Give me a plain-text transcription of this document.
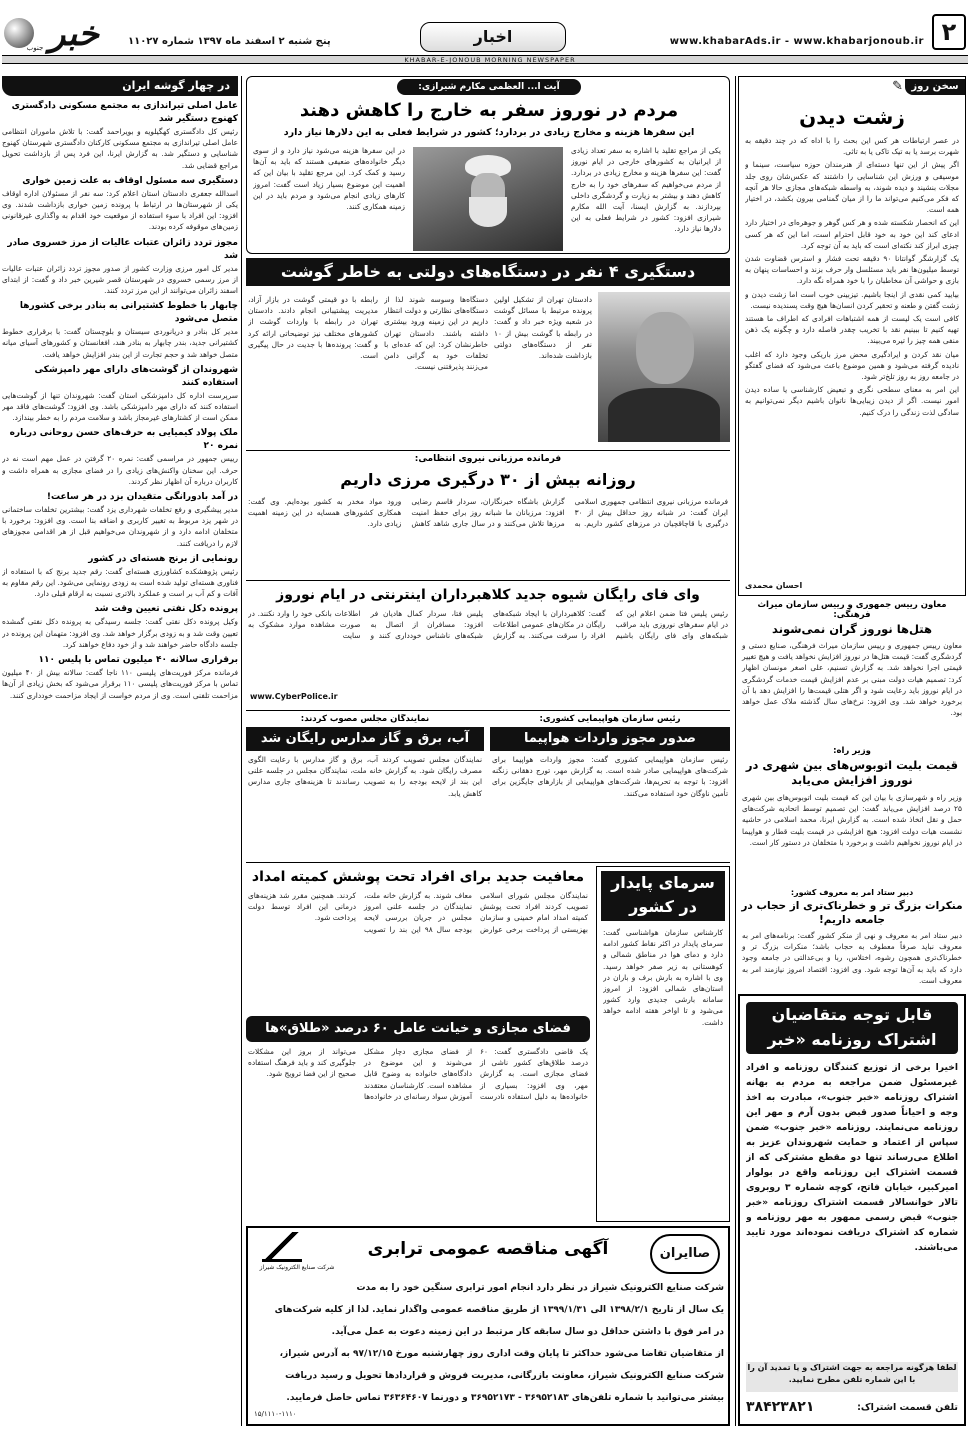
۲
www.khabarAds.ir - www.khabarjonoub.ir
اخبار
پنج شنبه ۲ اسفند ماه ۱۳۹۷ شماره ۱۱۰۲۷
خبر
جنوب
KHABAR-E-JONOUB MORNING NEWSPAPER
سخن روز
✎
زشت دیدن

در عصر ارتباطات هر کس این بحث را با اداه که در چند دقیقه به شهرت برسد یا به تیک تاکی یا به تاثی.

اگر پیش از این تنها دسته‌ای از هنرمندان حوزه سیاست، سینما و موسیقی و ورزش این شناسایی را داشتند که عکس‌شان روی جلد مجلات بنشیند و دیده شوند، به واسطه شبکه‌های مجازی حالا هر آنچه که فکر می‌کنیم می‌تواند ما را از میان گمنامی بیرون بکشد، در اختیار همه است.

این که انحصار شکسته شده و هر کس گوهر و جوهره‌ای در اختیار دارد ادعای کند این خود به خود قابل احترام است، اما این که هر کسی چیزی ابراز کند نکته‌ای است که باید به آن توجه کرد.

یک گزارشگر گوانتانا ۹۰ دقیقه تحت فشار و استرس قضاوت شدن توسط میلیون‌ها نفر باید مسئلسل وار حرف بزند و احساسات پنهان به بازی و حواشی آن مخاطبان را با خود همراه نگه دارد.

بیایید کمی نقدی از اینجا باشیم. تیزبینی خوب است اما زشت دیدن و زشت گفتن و طعنه و تحقیر کردن انسان‌ها هیچ وقت پسندیده نیست.

کافی است یک لیست از همه اشتباهات افرادی که اطراف ما هستند تهیه کنیم تا ببینیم نقد با تخریب چقدر فاصله دارد و چگونه یک ذهن منفی همه چیز را تیره می‌بیند.

میان نقد کردن و ایرادگیری محض مرز باریکی وجود دارد که اغلب نادیده گرفته می‌شود و همین موضوع باعث می‌شود که فضای گفتگو در جامعه روز به روز تلخ‌تر شود.

این امر به معنای سطحی نگری و تبعیض کارشناسی یا ساده دیدن امور نیست. اگر از دیدن زیبایی‌ها ناتوان باشیم دیگر نمی‌توانیم به سادگی لذت زندگی را درک کنیم.

احسان محمدی
معاون رییس جمهوری و رییس سازمان میراث فرهنگی:
هتل‌ها نوروز گران نمی‌شوند
معاون رییس جمهوری و رییس سازمان میراث فرهنگی، صنایع دستی و گردشگری گفت: قیمت هتل‌ها در نوروز افزایش نخواهد یافت و هیچ تغییر قیمتی اجرا نخواهد شد. به گزارش تسنیم، علی اصغر مونسان اظهار کرد: تصمیم هیات دولت مبنی بر عدم افزایش قیمت خدمات گردشگری در ایام نوروز باید رعایت شود و اگر هتلی قیمت‌ها را افزایش دهد با آن برخورد خواهد شد. وی افزود: نرخ‌های سال گذشته ملاک عمل خواهد بود.
وزیر راه:
قیمت بلیت اتوبوس‌های بین شهری در نوروز افزایش می‌یابد
وزیر راه و شهرسازی با بیان این که قیمت بلیت اتوبوس‌های بین شهری ۲۵ درصد افزایش می‌یابد گفت: این تصمیم توسط اتحادیه شرکت‌های حمل و نقل اتخاذ شده است. به گزارش ایرنا، محمد اسلامی در حاشیه نشست هیات دولت افزود: هیچ افزایشی در قیمت بلیت قطار و هواپیما در ایام نوروز نخواهیم داشت و برخورد با متخلفان در دستور کار است.
دبیر ستاد امر به معروف کشور:
منکرات بزرگ تر و خطرناک‌تری از حجاب در جامعه داریم!
دبیر ستاد امر به معروف و نهی از منکر کشور گفت: برنامه‌های امر به معروف نباید صرفاً معطوف به حجاب باشد؛ منکرات بزرگ تر و خطرناک‌تری همچون رشوه، اختلاس، ربا و بی‌عدالتی در جامعه وجود دارد که باید به آن‌ها توجه شود. وی افزود: اقتصاد امروز نیازمند امر به معروف است.
قابل توجه متقاضیان اشتراک روزنامه «خبر
اخیرا برخی از توزیع کنندگان روزنامه و افراد غیرمسئول ضمن مراجعه به مردم به بهانه اشتراک روزنامه «خبر جنوب»، مبادرت به اخذ وجه و احیاناً صدور قبض بدون آرم و مهر این روزنامه می‌نمایند. روزنامه «خبر جنوب» ضمن سپاس از اعتماد و حمایت شهروندان عزیز به اطلاع می‌رساند تنها دو مقطع مشترکی که از قسمت اشتراک این روزنامه واقع در بولوار امیرکبیر، خیابان فاتح، کوچه شماره ۳ روبروی تالار خوانسالار قسمت اشتراک روزنامه «خبر جنوب» قبض رسمی ممهور به مهر روزنامه و شماره کد اشتراک دریافت نموده‌اند مورد تایید می‌باشند.
لطفا هرگونه مراجعه به جهت اشتراک و یا تمدید آن را با این شماره تلفن مطرح نمایید.
تلفن قسمت اشتراک:
۳۸۴۲۳۸۲۱
آیت ا... العظمی مکارم شیرازی:
مردم در نوروز سفر به خارج را کاهش دهند
این سفرها هزینه و مخارج زیادی در بردارد؛ کشور در شرایط فعلی به این دلارها نیاز دارد
یکی از مراجع تقلید با اشاره به سفر تعداد زیادی از ایرانیان به کشورهای خارجی در ایام نوروز گفت: این سفرها هزینه و مخارج زیادی در بردارد. از مردم می‌خواهیم که سفرهای خود را به خارج کاهش دهند و بیشتر به زیارت و گردشگری داخلی بپردازند. به گزارش ایسنا، آیت الله مکارم شیرازی افزود: کشور در شرایط فعلی به این دلارها نیاز دارد.
در این سفرها هزینه می‌شود نیاز دارد و از سوی دیگر خانواده‌های ضعیفی هستند که باید به آن‌ها رسید و کمک کرد. این مرجع تقلید با بیان این که اهمیت این موضوع بسیار زیاد است گفت: امروز کارهای زیادی انجام می‌شود و مردم باید در این زمینه همکاری کنند.
دستگیری ۴ نفر در دستگاه‌های دولتی به خاطر گوشت
دادستان تهران از تشکیل اولین پرونده مرتبط با مسائل گوشت در شعبه ویژه خبر داد و گفت: در رابطه با گوشت بیش از ۱۰ نفر از دستگاه‌های دولتی بازداشت شده‌اند.
دستگاه‌ها وسوسه شوند لذا از دستگاه‌های نظارتی و دولت انتظار داریم در این زمینه ورود بیشتری داشته باشند. دادستان تهران خاطرنشان کرد: این که عده‌ای با تخلفات خود به گرانی دامن می‌زنند پذیرفتنی نیست.
رابطه با دو قیمتی گوشت در بازار آزاد، مدیریت پیشتیبانی انجام دادند. دادستان تهران در رابطه با واردات گوشت از کشورهای مختلف نیز توضیحاتی ارائه کرد و گفت: پرونده‌ها با جدیت در حال پیگیری است.
فرمانده مرزبانی نیروی انتظامی:
روزانه بیش از ۳۰ درگیری مرزی داریم
فرمانده مرزبانی نیروی انتظامی جمهوری اسلامی ایران گفت: در شبانه روز حداقل بیش از ۳۰ درگیری با قاچاقچیان در مرزهای کشور داریم. به گزارش باشگاه خبرنگاران، سردار قاسم رضایی افزود: مرزبانان ما شبانه روز برای حفظ امنیت مرزها تلاش می‌کنند و در سال جاری شاهد کاهش ورود مواد مخدر به کشور بوده‌ایم. وی گفت: همکاری کشورهای همسایه در این زمینه اهمیت زیادی دارد.
وای فای رایگان شیوه جدید کلاهبرداران اینترنتی در ایام نوروز
رئیس پلیس فتا ضمن اعلام این که در ایام سفرهای نوروزی باید مراقب شبکه‌های وای فای رایگان باشیم گفت: کلاهبرداران با ایجاد شبکه‌های رایگان در مکان‌های عمومی اطلاعات افراد را سرقت می‌کنند. به گزارش پلیس فتا، سردار کمال هادیان فر افزود: مسافران از اتصال به شبکه‌های ناشناس خودداری کنند و اطلاعات بانکی خود را وارد نکنند. در صورت مشاهده موارد مشکوک به سایت
www.CyberPolice.ir
رئیس سازمان هواپیمایی کشوری:
صدور مجوز واردات هواپیما
رئیس سازمان هواپیمایی کشوری گفت: مجوز واردات هواپیما برای شرکت‌های هواپیمایی صادر شده است. به گزارش مهر، تورج دهقانی زنگنه افزود: با توجه به تحریم‌ها، شرکت‌های هواپیمایی از بازارهای جایگزین برای تأمین ناوگان خود استفاده می‌کنند.
نمایندگان مجلس مصوب کردند:
آب، برق و گاز مدارس رایگان شد
نمایندگان مجلس تصویب کردند آب، برق و گاز مدارس با رعایت الگوی مصرف رایگان شود. به گزارش خانه ملت، نمایندگان مجلس در جلسه علنی این بند از لایحه بودجه را به تصویب رساندند تا هزینه‌های جاری مدارس کاهش یابد.
سرمای پایدار در کشور
کارشناس سازمان هواشناسی گفت: سرمای پایدار در اکثر نقاط کشور ادامه دارد و دمای هوا در مناطق شمالی و کوهستانی به زیر صفر خواهد رسید. وی با اشاره به بارش برف و باران در استان‌های شمالی افزود: از امروز سامانه بارشی جدیدی وارد کشور می‌شود و تا اواخر هفته ادامه خواهد داشت.
معافیت جدید برای افراد تحت پوشش کمیته امداد
نمایندگان مجلس شورای اسلامی تصویب کردند افراد تحت پوشش کمیته امداد امام خمینی و سازمان بهزیستی از پرداخت برخی عوارض معاف شوند. به گزارش خانه ملت، نمایندگان در جلسه علنی امروز مجلس در جریان بررسی لایحه بودجه سال ۹۸ این بند را تصویب کردند. همچنین مقرر شد هزینه‌های درمانی این افراد توسط دولت پرداخت شود.
فضای مجازی و خیانت عامل ۶۰ درصد «طلاق»ها
یک قاضی دادگستری گفت: ۶۰ درصد طلاق‌های کشور ناشی از فضای مجازی است. به گزارش مهر، وی افزود: بسیاری از خانواده‌ها به دلیل استفاده نادرست از فضای مجازی دچار مشکل می‌شوند و این موضوع در دادگاه‌های خانواده به وضوح قابل مشاهده است. کارشناسان معتقدند آموزش سواد رسانه‌ای در خانواده‌ها می‌تواند از بروز این مشکلات جلوگیری کند و باید فرهنگ استفاده صحیح از این فضا ترویج شود.
صاایران
آگهی مناقصه عمومی ترابری
شرکت صنایع الکترونیک شیراز
شرکت صنایع الکترونیک شیراز در نظر دارد انجام امور ترابری سنگین خود را به مدت
یک سال از تاریخ ۱۳۹۸/۲/۱ الی ۱۳۹۹/۱/۳۱ از طریق مناقصه عمومی واگذار نماید. لذا از کلیه شرکت‌های
در امر فوق با داشتن حداقل دو سال سابقه کار مرتبط در این زمینه دعوت به عمل می‌آید.
از متقاضیان تقاضا می‌شود حداکثر تا پایان وقت اداری روز چهارشنبه مورخ ۹۷/۱۲/۱۵ به آدرس شیراز،
شرکت صنایع الکترونیک شیراز، معاونت بازرگانی، مدیریت فروش و قراردادها تحویل و رسید دریافت
بیشتر می‌توانید با شماره تلفن‌های ۳۶۹۵۲۱۸۳ - ۳۶۹۵۲۱۷۳ و دورنما ۳۶۳۶۴۶۰۷ تماس حاصل فرمایید.
۱۵/۱۱۱۰-۱۱۱۰
در چهار گوشه ایران
عامل اصلی تیراندازی به مجتمع مسکونی دادگستری کهنوج دستگیر شد
رئیس کل دادگستری کهگیلویه و بویراحمد گفت: با تلاش ماموران انتظامی عامل اصلی تیراندازی به مجتمع مسکونی کارکنان دادگستری شهرستان کهنوج شناسایی و دستگیر شد. به گزارش ایرنا، این فرد پس از بازداشت تحویل مراجع قضایی شد.
دستگیری سه مسئول اوقاف به علت زمین خواری
اسدالله جعفری دادستان استان اعلام کرد: سه نفر از مسئولان اداره اوقاف یکی از شهرستان‌ها در ارتباط با پرونده زمین خواری بازداشت شدند. وی افزود: این افراد با سوء استفاده از موقعیت خود اقدام به واگذاری غیرقانونی زمین‌های موقوفه کرده بودند.
مجوز تردد زائران عتبات عالیات از مرز خسروی صادر شد
مدیر کل امور مرزی وزارت کشور از صدور مجوز تردد زائران عتبات عالیات از مرز رسمی خسروی در شهرستان قصر شیرین خبر داد و گفت: از ابتدای اسفند زائران می‌توانند از این مرز تردد کنند.
چابهار با خطوط کشتیرانی به بنادر برخی کشورها متصل می‌شود
مدیر کل بنادر و دریانوردی سیستان و بلوچستان گفت: با برقراری خطوط کشتیرانی جدید، بندر چابهار به بنادر هند، افغانستان و کشورهای آسیای میانه متصل خواهد شد و حجم تجارت از این بندر افزایش خواهد یافت.
شهروندان از گوشت‌های دارای مهر دامپزشکی استفاده کنند
سرپرست اداره کل دامپزشکی استان گفت: شهروندان تنها از گوشت‌هایی استفاده کنند که دارای مهر دامپزشکی باشد. وی افزود: گوشت‌های فاقد مهر ممکن است از کشتارهای غیرمجاز باشد و سلامت مردم را به خطر بیندازد.
ملک پولاد کیمیایی به حرف‌های حسن روحانی درباره نمره ۲۰
رییس جمهور در مراسمی گفت: نمره ۲۰ گرفتن در عمل مهم است نه در حرف. این سخنان واکنش‌های زیادی را در فضای مجازی به همراه داشت و کاربران درباره آن اظهار نظر کردند.
در آمد بادورانگی متقیدان بزد در هر ساعت!
مدیر پیشگیری و رفع تخلفات شهرداری یزد گفت: بیشترین تخلفات ساختمانی در شهر یزد مربوط به تغییر کاربری و اضافه بنا است. وی افزود: برخورد با متخلفان ادامه دارد و از شهروندان می‌خواهیم قبل از هر اقدامی مجوزهای لازم را دریافت کنند.
رونمایی از برنج هسته‌ای در کشور
رئیس پژوهشکده کشاورزی هسته‌ای گفت: رقم جدید برنج که با استفاده از فناوری هسته‌ای تولید شده است به زودی رونمایی می‌شود. این رقم مقاوم به آفات و کم آب بر است و عملکرد بالاتری نسبت به ارقام قبلی دارد.
پرونده دکل نفتی تعیین وقت شد
وکیل پرونده دکل نفتی گفت: جلسه رسیدگی به پرونده دکل نفتی گمشده تعیین وقت شد و به زودی برگزار خواهد شد. وی افزود: متهمان این پرونده در جلسه دادگاه حاضر خواهند شد و از خود دفاع خواهند کرد.
برقراری سالانه ۴۰ میلیون تماس با پلیس ۱۱۰
فرمانده مرکز فوریت‌های پلیسی ۱۱۰ ناجا گفت: سالانه بیش از ۴۰ میلیون تماس با مرکز فوریت‌های پلیسی ۱۱۰ برقرار می‌شود که بخش زیادی از آن‌ها مزاحمت تلفنی است. وی از مردم خواست از ایجاد مزاحمت خودداری کنند.
